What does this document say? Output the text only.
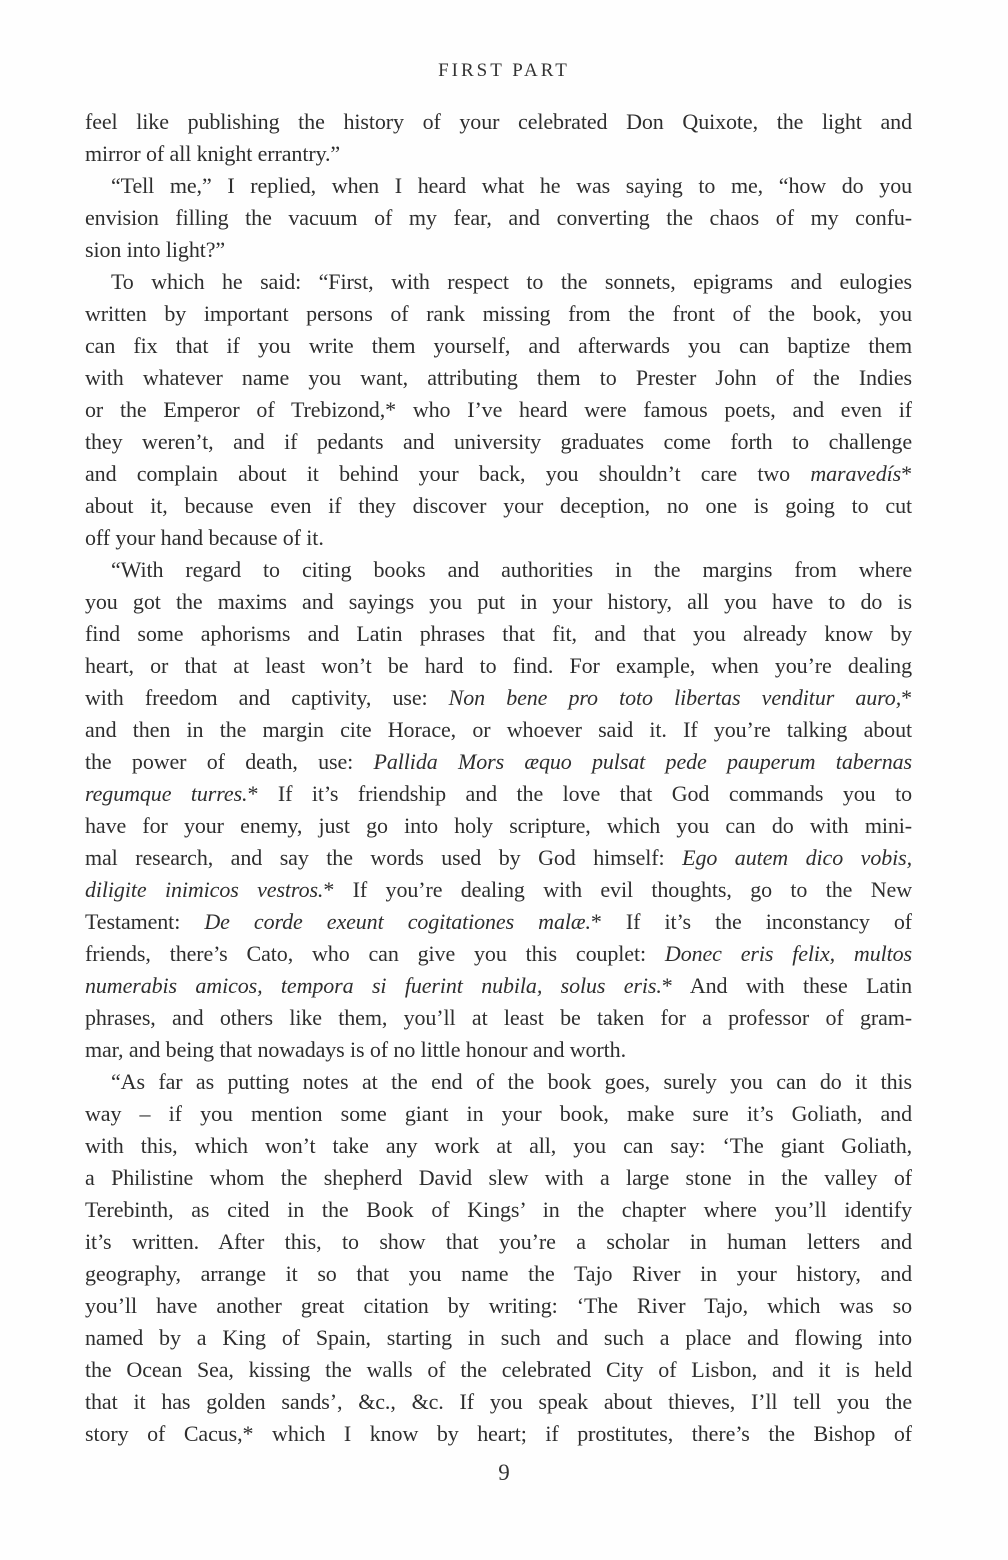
FIRST PART
feel like publishing the history of your celebrated Don Quixote, the light and
mirror of all knight errantry.”
“Tell me,” I replied, when I heard what he was saying to me, “how do you
envision filling the vacuum of my fear, and converting the chaos of my confu-
sion into light?”
To which he said: “First, with respect to the sonnets, epigrams and eulogies
written by important persons of rank missing from the front of the book, you
can fix that if you write them yourself, and afterwards you can baptize them
with whatever name you want, attributing them to Prester John of the Indies
or the Emperor of Trebizond,* who I’ve heard were famous poets, and even if
they weren’t, and if pedants and university graduates come forth to challenge
and complain about it behind your back, you shouldn’t care two maravedís*
about it, because even if they discover your deception, no one is going to cut
off your hand because of it.
“With regard to citing books and authorities in the margins from where
you got the maxims and sayings you put in your history, all you have to do is
find some aphorisms and Latin phrases that fit, and that you already know by
heart, or that at least won’t be hard to find. For example, when you’re dealing
with freedom and captivity, use: Non bene pro toto libertas venditur auro,*
and then in the margin cite Horace, or whoever said it. If you’re talking about
the power of death, use: Pallida Mors æquo pulsat pede pauperum tabernas
regumque turres.* If it’s friendship and the love that God commands you to
have for your enemy, just go into holy scripture, which you can do with mini-
mal research, and say the words used by God himself: Ego autem dico vobis,
diligite inimicos vestros.* If you’re dealing with evil thoughts, go to the New
Testament: De corde exeunt cogitationes malæ.* If it’s the inconstancy of
friends, there’s Cato, who can give you this couplet: Donec eris felix, multos
numerabis amicos, tempora si fuerint nubila, solus eris.* And with these Latin
phrases, and others like them, you’ll at least be taken for a professor of gram-
mar, and being that nowadays is of no little honour and worth.
“As far as putting notes at the end of the book goes, surely you can do it this
way – if you mention some giant in your book, make sure it’s Goliath, and
with this, which won’t take any work at all, you can say: ‘The giant Goliath,
a Philistine whom the shepherd David slew with a large stone in the valley of
Terebinth, as cited in the Book of Kings’ in the chapter where you’ll identify
it’s written. After this, to show that you’re a scholar in human letters and
geography, arrange it so that you name the Tajo River in your history, and
you’ll have another great citation by writing: ‘The River Tajo, which was so
named by a King of Spain, starting in such and such a place and flowing into
the Ocean Sea, kissing the walls of the celebrated City of Lisbon, and it is held
that it has golden sands’, &c., &c. If you speak about thieves, I’ll tell you the
story of Cacus,* which I know by heart; if prostitutes, there’s the Bishop of
9
